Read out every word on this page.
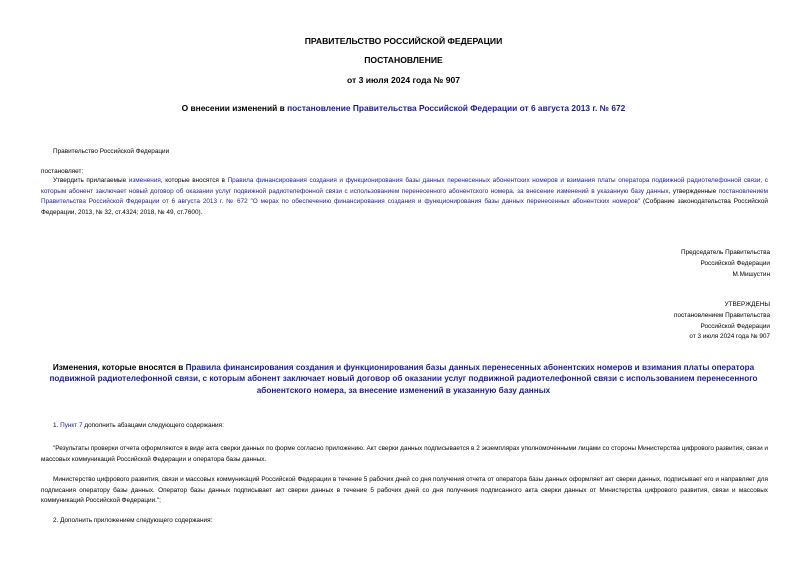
ПРАВИТЕЛЬСТВО РОССИЙСКОЙ ФЕДЕРАЦИИ
ПОСТАНОВЛЕНИЕ
от 3 июля 2024 года № 907
О внесении изменений в постановление Правительства Российской Федерации от 6 августа 2013 г. № 672
Правительство Российской Федерации
постановляет:
Утвердить прилагаемые изменения, которые вносятся в Правила финансирования создания и функционирования базы данных перенесенных абонентских номеров и взимания платы оператора подвижной радиотелефонной связи, с которым абонент заключает новый договор об оказании услуг подвижной радиотелефонной связи с использованием перенесенного абонентского номера, за внесение изменений в указанную базу данных, утвержденные постановлением Правительства Российской Федерации от 6 августа 2013 г. № 672 "О мерах по обеспечению финансирования создания и функционирования базы данных перенесенных абонентских номеров" (Собрание законодательства Российской Федерации, 2013, № 32, ст.4324; 2018, № 49, ст.7600).
Председатель Правительства
Российской Федерации
М.Мишустин
УТВЕРЖДЕНЫ
постановлением Правительства
Российской Федерации
от 3 июля 2024 года № 907
Изменения, которые вносятся в Правила финансирования создания и функционирования базы данных перенесенных абонентских номеров и взимания платы оператора подвижной радиотелефонной связи, с которым абонент заключает новый договор об оказании услуг подвижной радиотелефонной связи с использованием перенесенного абонентского номера, за внесение изменений в указанную базу данных
1. Пункт 7 дополнить абзацами следующего содержания:
"Результаты проверки отчета оформляются в виде акта сверки данных по форме согласно приложению. Акт сверки данных подписывается в 2 экземплярах уполномоченными лицами со стороны Министерства цифрового развития, связи и массовых коммуникаций Российской Федерации и оператора базы данных.
Министерство цифрового развития, связи и массовых коммуникаций Российской Федерации в течение 5 рабочих дней со дня получения отчета от оператора базы данных оформляет акт сверки данных, подписывает его и направляет для подписания оператору базы данных. Оператор базы данных подписывает акт сверки данных в течение 5 рабочих дней со дня получения подписанного акта сверки данных от Министерства цифрового развития, связи и массовых коммуникаций Российской Федерации.";
2. Дополнить приложением следующего содержания:
